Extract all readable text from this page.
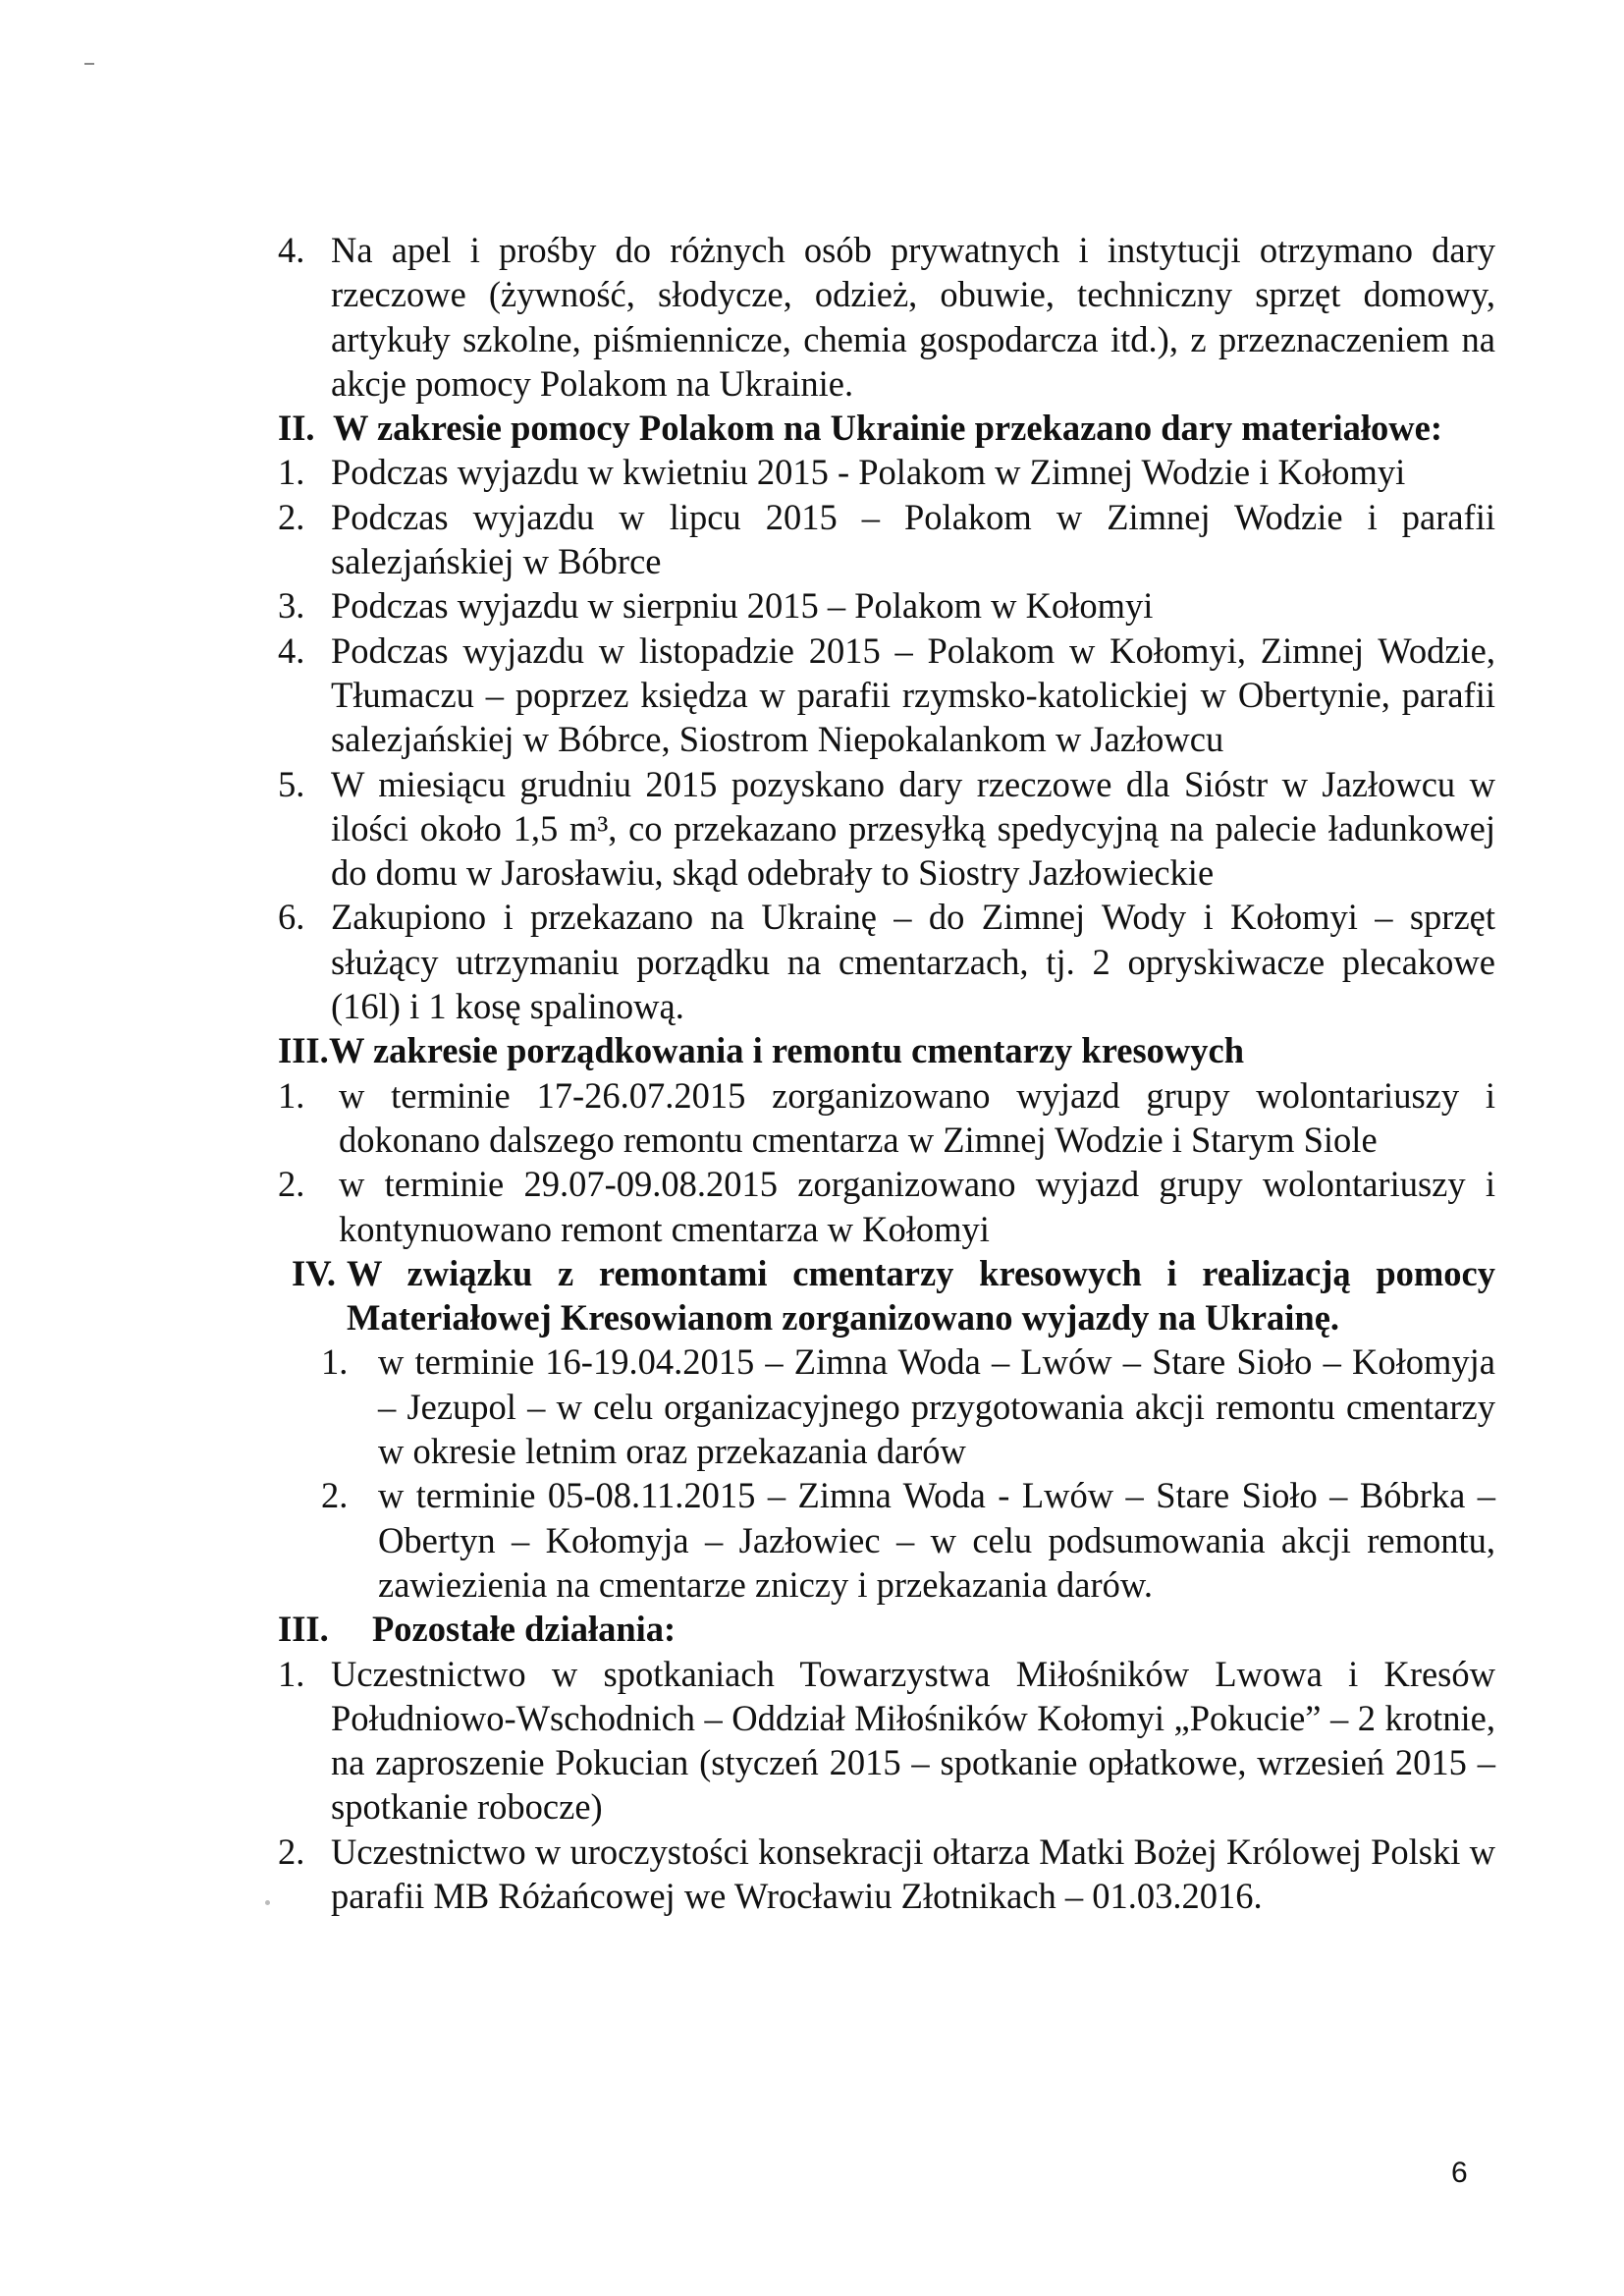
4. Na apel i prośby do różnych osób prywatnych i instytucji otrzymano dary rzeczowe (żywność, słodycze, odzież, obuwie, techniczny sprzęt domowy, artykuły szkolne, piśmiennicze, chemia gospodarcza itd.), z przeznaczeniem na akcje pomocy Polakom na Ukrainie.
II. W zakresie pomocy Polakom na Ukrainie przekazano dary materiałowe:
1. Podczas wyjazdu w kwietniu 2015 - Polakom w Zimnej Wodzie i Kołomyi
2. Podczas wyjazdu w lipcu 2015 – Polakom w Zimnej Wodzie i parafii salezjańskiej w Bóbrce
3. Podczas wyjazdu w sierpniu 2015 – Polakom w Kołomyi
4. Podczas wyjazdu w listopadzie 2015 – Polakom w Kołomyi, Zimnej Wodzie, Tłumaczu – poprzez księdza w parafii rzymsko-katolickiej w Obertynie, parafii salezjańskiej w Bóbrce, Siostrom Niepokalankom w Jazłowcu
5. W miesiącu grudniu 2015 pozyskano dary rzeczowe dla Sióstr w Jazłowcu w ilości około 1,5 m³, co przekazano przesyłką spedycyjną na palecie ładunkowej do domu w Jarosławiu, skąd odebrały to Siostry Jazłowieckie
6. Zakupiono i przekazano na Ukrainę – do Zimnej Wody i Kołomyi – sprzęt służący utrzymaniu porządku na cmentarzach, tj. 2 opryskiwacze plecakowe (16l) i 1 kosę spalinową.
III. W zakresie porządkowania i remontu cmentarzy kresowych
1. w terminie 17-26.07.2015 zorganizowano wyjazd grupy wolontariuszy i dokonano dalszego remontu cmentarza w Zimnej Wodzie i Starym Siole
2. w terminie 29.07-09.08.2015 zorganizowano wyjazd grupy wolontariuszy i kontynuowano remont cmentarza w Kołomyi
IV. W związku z remontami cmentarzy kresowych i realizacją pomocy Materiałowej Kresowianom zorganizowano wyjazdy na Ukrainę.
1. w terminie 16-19.04.2015 – Zimna Woda – Lwów – Stare Sioło – Kołomyja – Jezupol – w celu organizacyjnego przygotowania akcji remontu cmentarzy w okresie letnim oraz przekazania darów
2. w terminie 05-08.11.2015 – Zimna Woda - Lwów – Stare Sioło – Bóbrka – Obertyn – Kołomyja – Jazłowiec – w celu podsumowania akcji remontu, zawiezienia na cmentarze zniczy i przekazania darów.
III.	Pozostałe działania:
1. Uczestnictwo w spotkaniach Towarzystwa Miłośników Lwowa i Kresów Południowo-Wschodnich – Oddział Miłośników Kołomyi „Pokucie” – 2 krotnie, na zaproszenie Pokucian (styczeń 2015 – spotkanie opłatkowe, wrzesień 2015 – spotkanie robocze)
2. Uczestnictwo w uroczystości konsekracji ołtarza Matki Bożej Królowej Polski w parafii MB Różańcowej we Wrocławiu Złotnikach – 01.03.2016.
6
